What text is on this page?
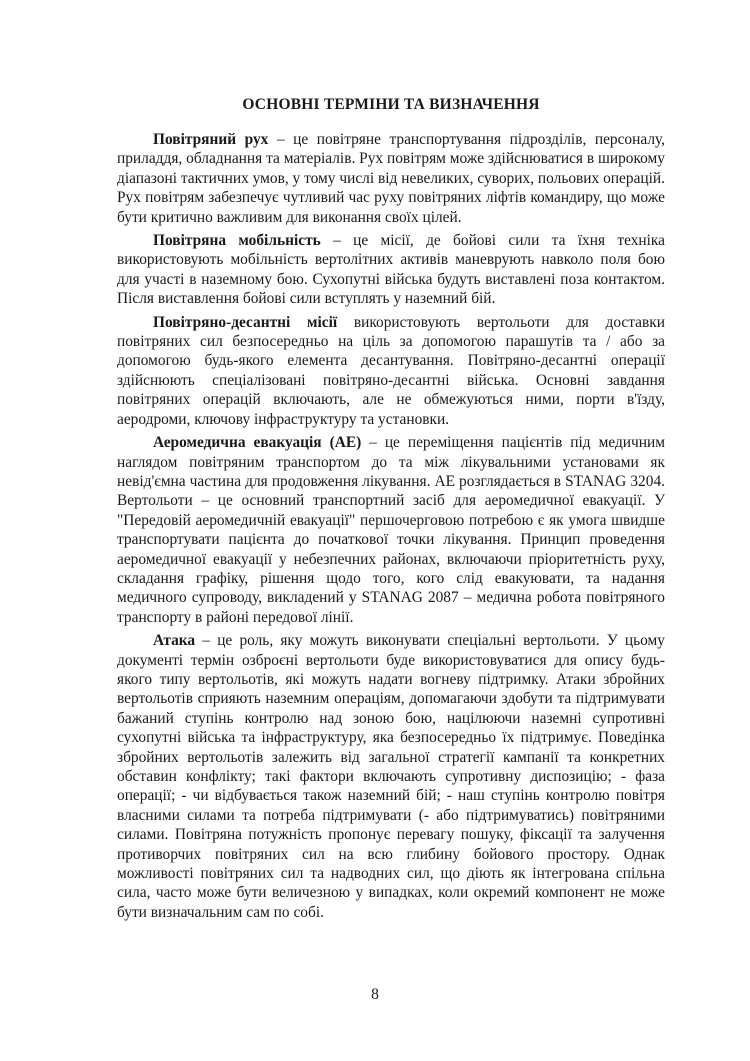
ОСНОВНІ ТЕРМІНИ ТА ВИЗНАЧЕННЯ

Повітряний рух – це повітряне транспортування підрозділів, персоналу, приладдя, обладнання та матеріалів. Рух повітрям може здійснюватися в широкому діапазоні тактичних умов, у тому числі від невеликих, суворих, польових операцій. Рух повітрям забезпечує чутливий час руху повітряних ліфтів командиру, що може бути критично важливим для виконання своїх цілей.

Повітряна мобільність – це місії, де бойові сили та їхня техніка використовують мобільність вертолітних активів маневрують навколо поля бою для участі в наземному бою. Сухопутні війська будуть виставлені поза контактом. Після виставлення бойові сили вступлять у наземний бій.

Повітряно-десантні місії використовують вертольоти для доставки повітряних сил безпосередньо на ціль за допомогою парашутів та / або за допомогою будь-якого елемента десантування. Повітряно-десантні операції здійснюють спеціалізовані повітряно-десантні війська. Основні завдання повітряних операцій включають, але не обмежуються ними, порти в'їзду, аеродроми, ключову інфраструктуру та установки.

Аеромедична евакуація (АЕ) – це переміщення пацієнтів під медичним наглядом повітряним транспортом до та між лікувальними установами як невід'ємна частина для продовження лікування. АЕ розглядається в STANAG 3204. Вертольоти – це основний транспортний засіб для аеромедичної евакуації. У "Передовій аеромедичній евакуації" першочерговою потребою є як умога швидше транспортувати пацієнта до початкової точки лікування. Принцип проведення аеромедичної евакуації у небезпечних районах, включаючи пріоритетність руху, складання графіку, рішення щодо того, кого слід евакуювати, та надання медичного супроводу, викладений у STANAG 2087 – медична робота повітряного транспорту в районі передової лінії.

Атака – це роль, яку можуть виконувати спеціальні вертольоти. У цьому документі термін озброєні вертольоти буде використовуватися для опису будь-якого типу вертольотів, які можуть надати вогневу підтримку. Атаки збройних вертольотів сприяють наземним операціям, допомагаючи здобути та підтримувати бажаний ступінь контролю над зоною бою, націлюючи наземні супротивні сухопутні війська та інфраструктуру, яка безпосередньо їх підтримує. Поведінка збройних вертольотів залежить від загальної стратегії кампанії та конкретних обставин конфлікту; такі фактори включають супротивну диспозицію; - фаза операції; - чи відбувається також наземний бій; - наш ступінь контролю повітря власними силами та потреба підтримувати (- або підтримуватись) повітряними силами. Повітряна потужність пропонує перевагу пошуку, фіксації та залучення противорчих повітряних сил на всю глибину бойового простору. Однак можливості повітряних сил та надводних сил, що діють як інтегрована спільна сила, часто може бути величезною у випадках, коли окремий компонент не може бути визначальним сам по собі.

8
